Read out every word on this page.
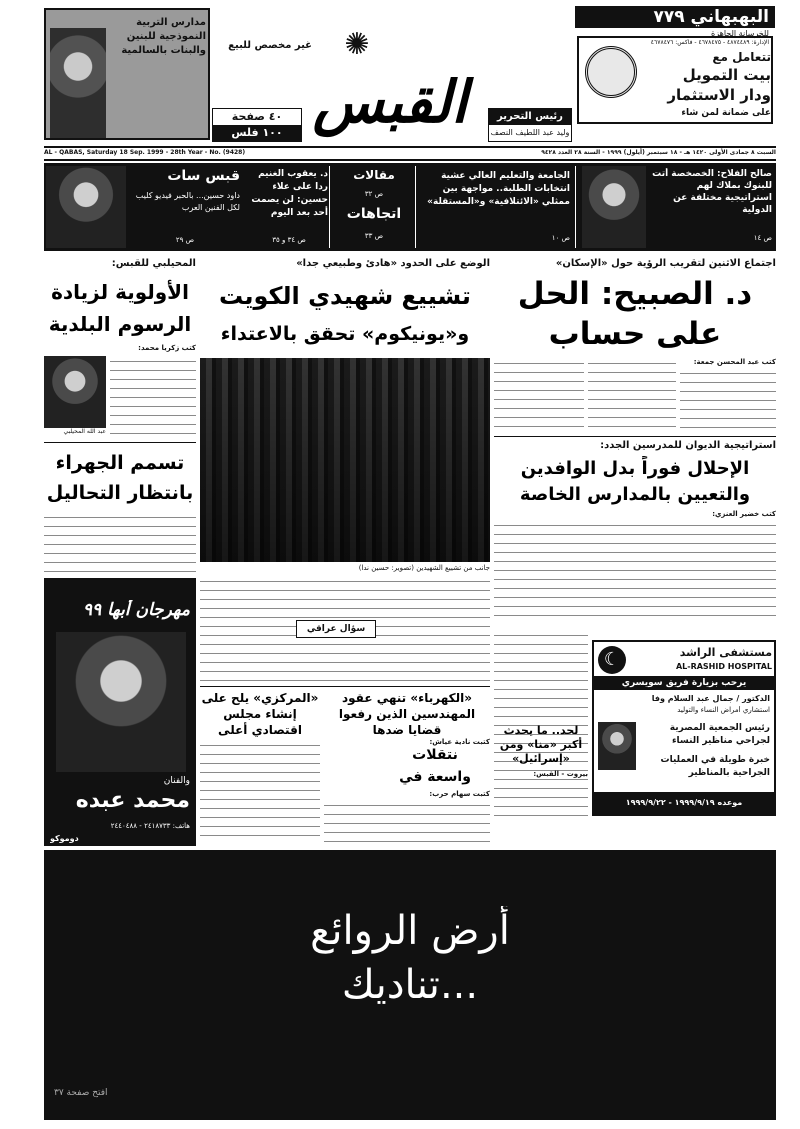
البهبهاني ٧٧٩
للخرسانة الجاهزة
الإدارة: ٤٨٧٤٤٨٩ - ٤٦٧٨٤٧٥ - فاكس: ٤٦٧٨٤٧٦
تتعامل مع
بيت التمويل
ودار الاستثمار
على ضمانة لمن شاء
مدارس التربية النموذجية للبنين والبنات بالسالمية	✺
القبس
غير مخصص للبيع
٤٠ صفحة
١٠٠ فلس
رئيس التحرير
وليد عبد اللطيف النصف
AL - QABAS, Saturday 18 Sep. 1999 - 28th Year - No. (9428)	السبت ٨ جمادى الأولى ١٤٢٠ هـ - ١٨ سبتمبر (أيلول) ١٩٩٩ - السنة ٢٨ العدد ٩٤٢٨
صالح الفلاح: الخصخصة أتت للبنوك بملاك لهم استراتيجية مختلفة عن الدولية
ص ١٤
الجامعة والتعليم العالي عشية انتخابات الطلبة.. مواجهة بين ممثلي «الائتلافية» و«المستقلة»
ص ١٠
مقالات
ص ٣٢
اتجاهات
ص ٣٣
د. يعقوب الغنيم ردا على علاء حسين: لن يصمت أحد بعد اليوم
ص ٣٤ و ٣٥
قبس سات
داود حسين... بالحبر فيديو كليب لكل الفنين العرب
ص ٢٩
اجتماع الاثنين لتقريب الرؤية حول «الإسكان»
د. الصبيح: الحل
على حساب
كتب عبد المحسن جمعة:
استراتيجية الديوان للمدرسين الجدد:
الإحلال فوراً بدل الوافدين
والتعيين بالمدارس الخاصة
كتب خضير العنزي:
☾	مستشفى الراشد
AL-RASHID HOSPITAL
يرحب بزيارة فريق سويسري
الدكتور / جمال عبد السلام وفا
استشاري أمراض النساء والتوليد
رئيس الجمعية المصرية لجراحي مناظير النساء
خبرة طويلة في العمليات الجراحية بالمناظير
موعده ١٩٩٩/٩/١٩ - ١٩٩٩/٩/٢٢
الوضع على الحدود «هادئ وطبيعي جداً»
تشييع شهيدي الكويت
و«يونيكوم» تحقق بالاعتداء
جانب من تشييع الشهيدين (تصوير: حسين ندا)
سؤال عراقي
نتقلات
واسعة في
كتبت سهام حرب:
المحيلبي للقبس:
الأولوية لزيادة
الرسوم البلدية
كتب زكريا محمد:
عبد الله المحيلبي
تسمم الجهراء
بانتظار التحاليل
مهرجان أبها ٩٩
والفنان
محمد عبده
هاتف: ٢٤١٨٧٣٣ - ٢٤٤٠٤٨٨
دوموكو
«المركزي» يلح على إنشاء مجلس اقتصادي أعلى
«الكهرباء» تنهي عقود المهندسين الذين رفعوا قضايا ضدها
كتبت نادية عياش:
لحد.. ما يحدث أكبر «منا» ومن «إسرائيل»
بيروت - القبس:
أرض الروائع
تناديك...
افتح صفحة ٣٧
